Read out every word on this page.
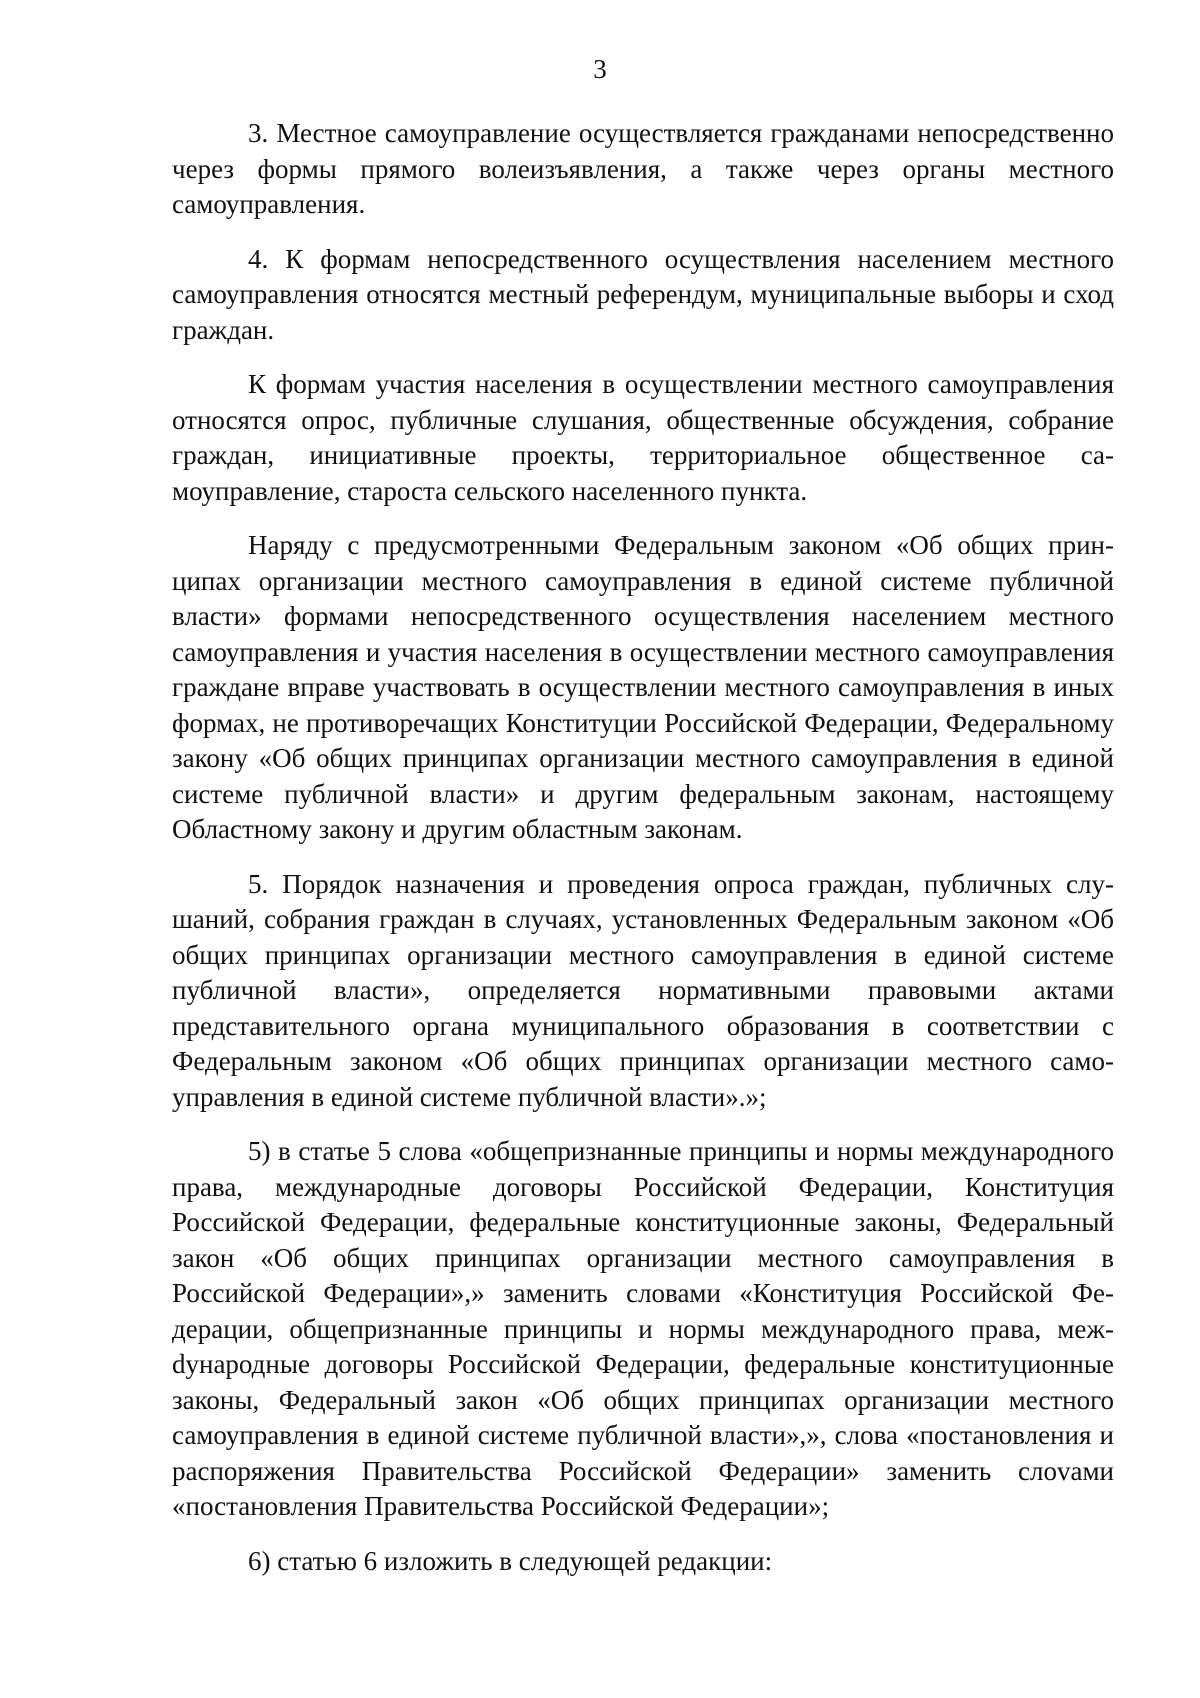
3

3. Местное самоуправление осуществляется гражданами непосредственно через формы прямого волеизъявления, а также через органы местного самоуправления.

4. К формам непосредственного осуществления населением местного самоуправления относятся местный референдум, муниципальные выборы и сход граждан.

К формам участия населения в осуществлении местного самоуправления относятся опрос, публичные слушания, общественные обсуждения, собрание граждан, инициативные проекты, территориальное общественное самоуправление, староста сельского населенного пункта.

Наряду с предусмотренными Федеральным законом «Об общих принципах организации местного самоуправления в единой системе публичной власти» формами непосредственного осуществления населением местного самоуправления и участия населения в осуществлении местного самоуправления граждане вправе участвовать в осуществлении местного самоуправления в иных формах, не противоречащих Конституции Российской Федерации, Федеральному закону «Об общих принципах организации местного самоуправления в единой системе публичной власти» и другим федеральным законам, настоящему Областному закону и другим областным законам.

5. Порядок назначения и проведения опроса граждан, публичных слушаний, собрания граждан в случаях, установленных Федеральным законом «Об общих принципах организации местного самоуправления в единой системе публичной власти», определяется нормативными правовыми актами представительного органа муниципального образования в соответствии с Федеральным законом «Об общих принципах организации местного самоуправления в единой системе публичной власти».»;

5) в статье 5 слова «общепризнанные принципы и нормы международного права, международные договоры Российской Федерации, Конституция Российской Федерации, федеральные конституционные законы, Федеральный закон «Об общих принципах организации местного самоуправления в Российской Федерации»,» заменить словами «Конституция Российской Федерации, общепризнанные принципы и нормы международного права, межdународные договоры Российской Федерации, федеральные конституционные законы, Федеральный закон «Об общих принципах организации местного самоуправления в единой системе публичной власти»,», слова «постановления и распоряжения Правительства Российской Федерации» заменить слоvами «постановления Правительства Российской Федерации»;

6) статью 6 изложить в следующей редакции:
